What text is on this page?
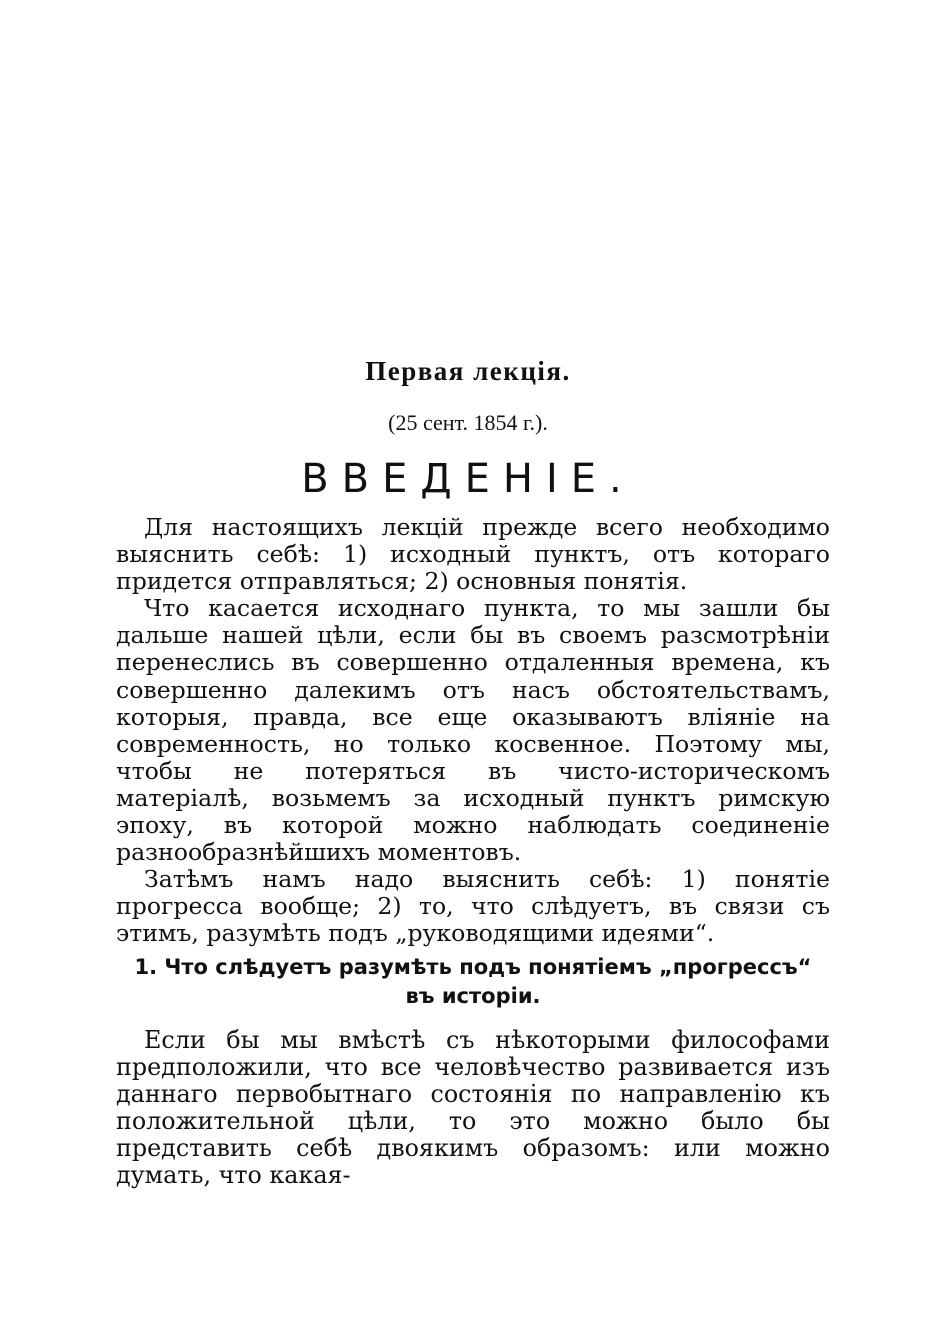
Первая лекція.
(25 сент. 1854 г.).
ВВЕДЕНІЕ.

Для настоящихъ лекцій прежде всего необходимо выяснить себѣ: 1) исходный пунктъ, отъ котораго придется отправляться; 2) основныя понятія.

Что касается исходнаго пункта, то мы зашли бы дальше нашей цѣли, если бы въ своемъ разсмотрѣніи перенеслись въ совершенно отдаленныя времена, къ совершенно далекимъ отъ насъ обстоятельствамъ, которыя, правда, все еще оказываютъ вліяніе на современность, но только косвенное. Поэтому мы, чтобы не потеряться въ чисто-историческомъ матеріалѣ, возьмемъ за исходный пунктъ римскую эпоху, въ которой можно наблюдать соединеніе разнообразнѣйшихъ моментовъ.

Затѣмъ намъ надо выяснить себѣ: 1) понятіе прогресса вообще; 2) то, что слѣдуетъ, въ связи съ этимъ, разумѣть подъ „руководящими идеями“.

1. Что слѣдуетъ разумѣть подъ понятіемъ „прогрессъ“
въ исторіи.

Если бы мы вмѣстѣ съ нѣкоторыми философами предположили, что все человѣчество развивается изъ даннаго первобытнаго состоянія по направленію къ положительной цѣли, то это можно было бы представить себѣ двоякимъ образомъ: или можно думать, что какая-
